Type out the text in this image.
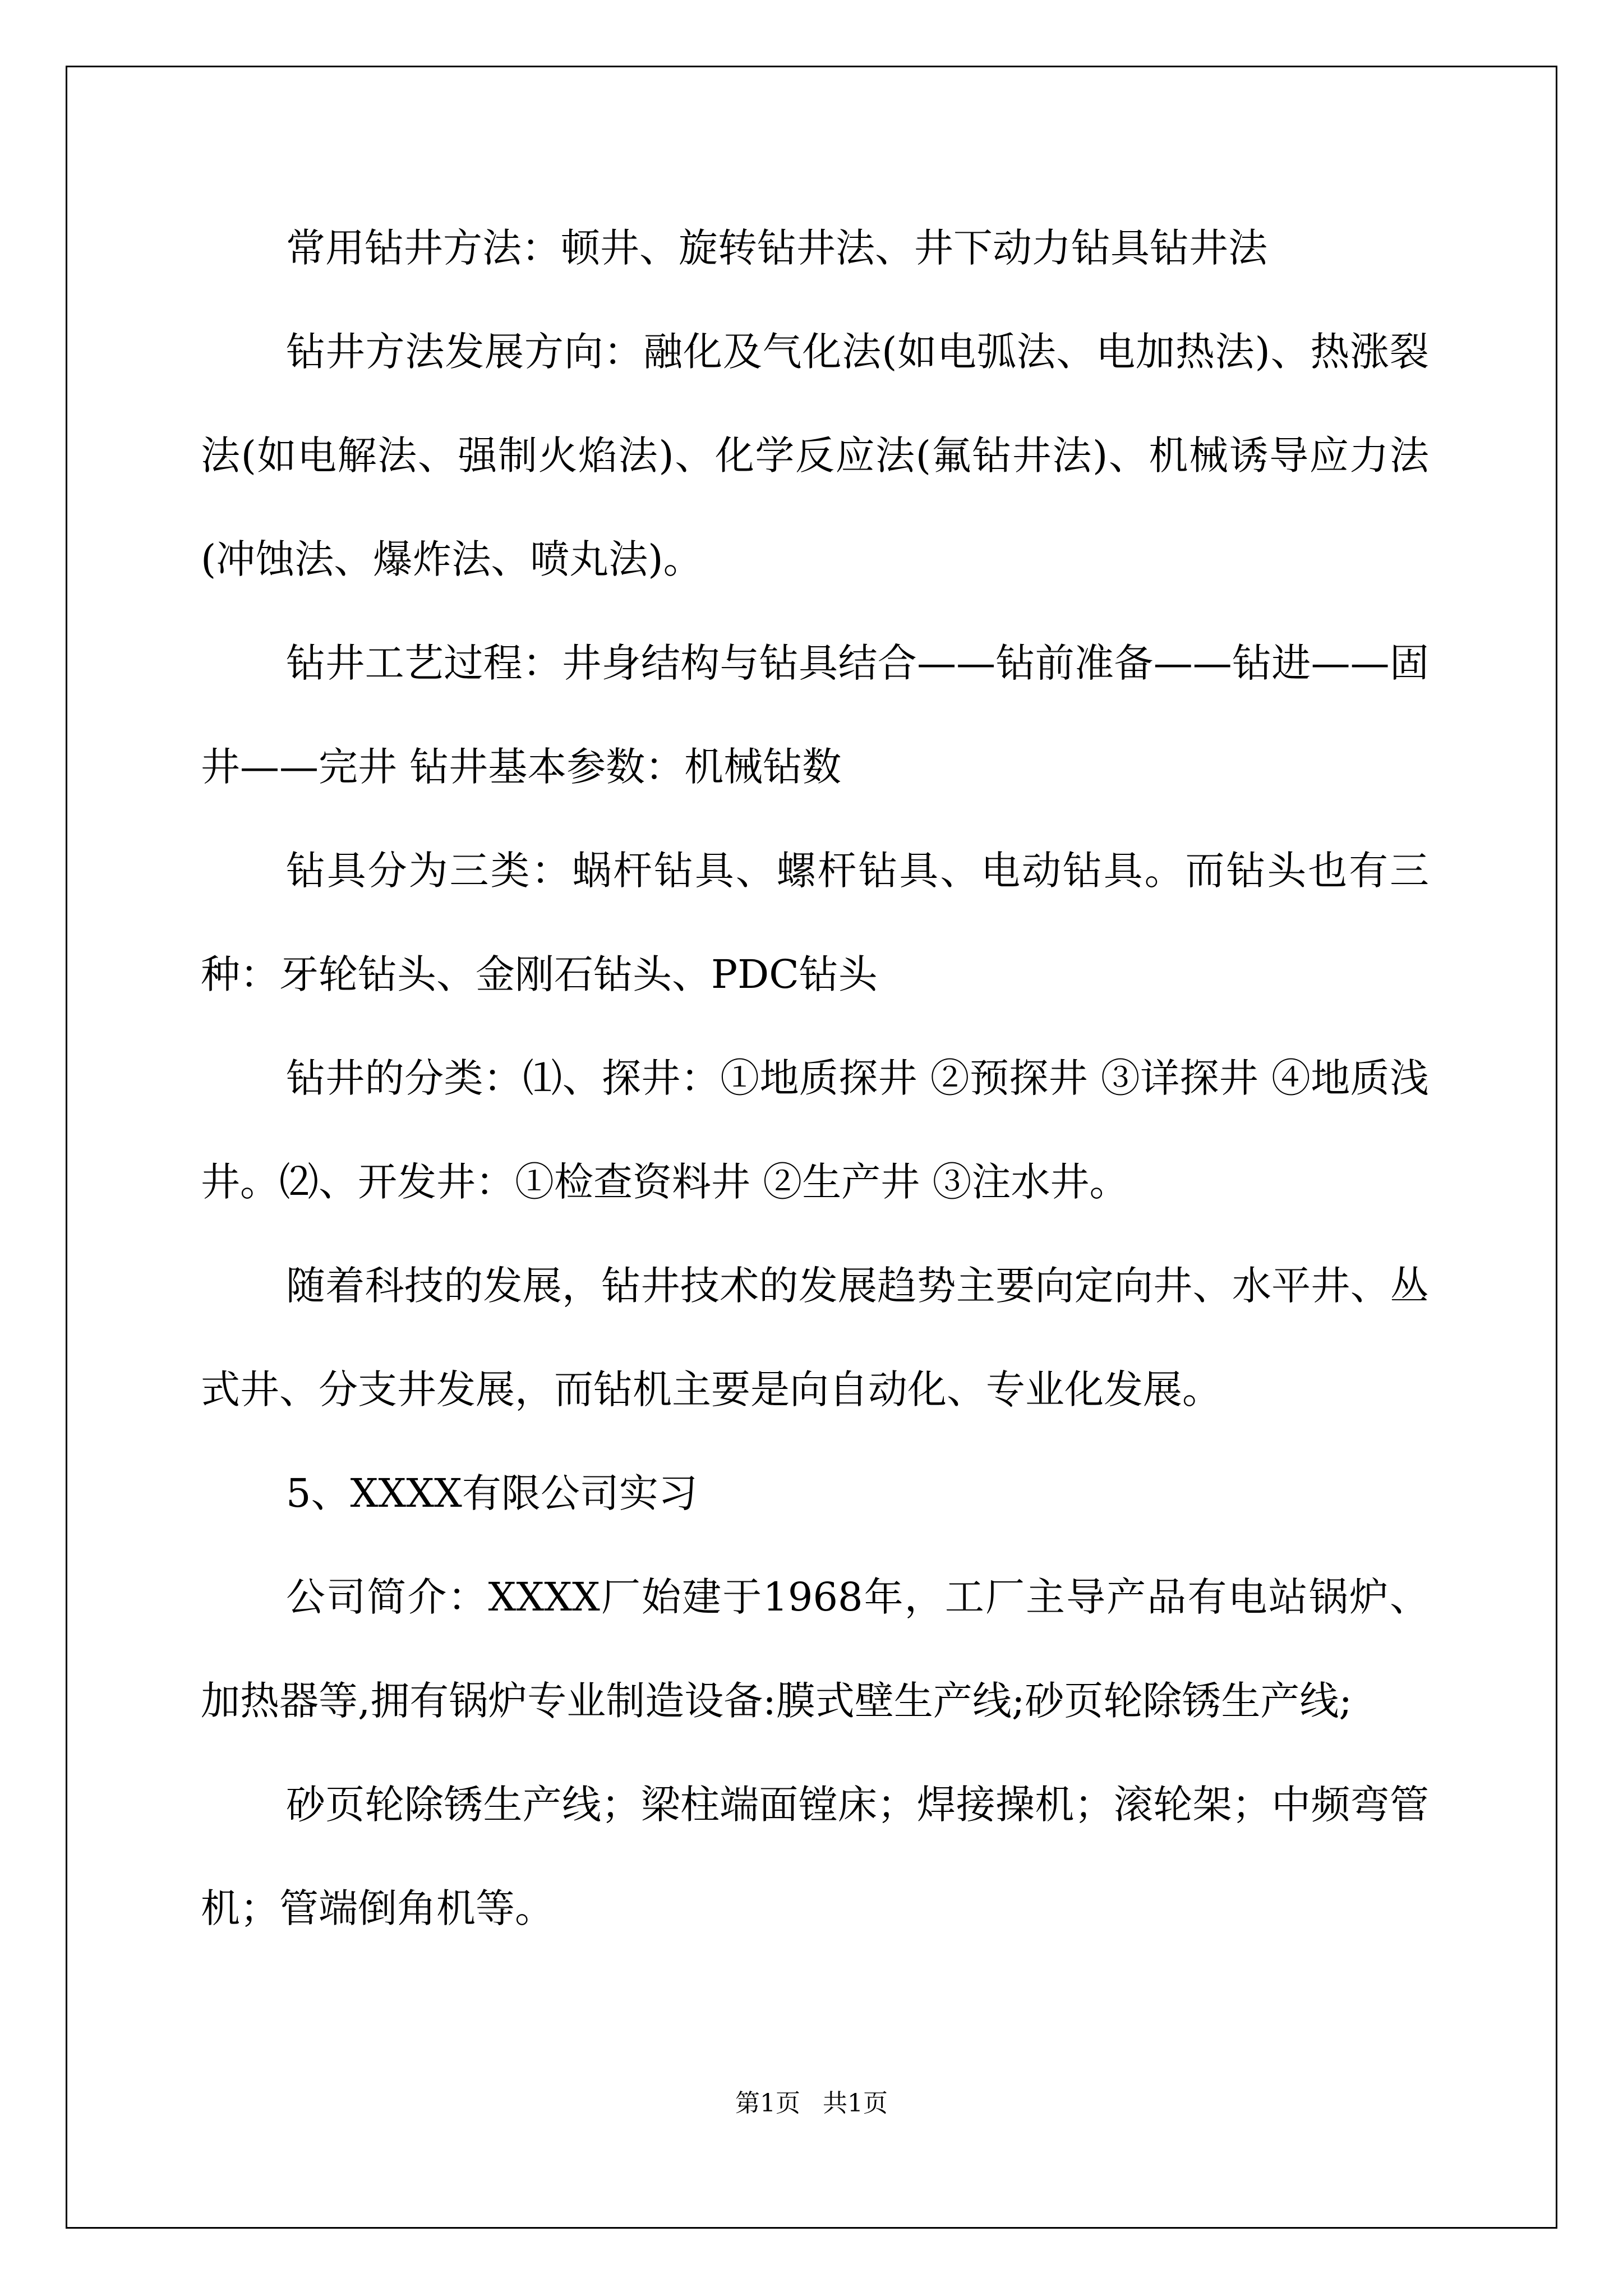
常用钻井方法：顿井、旋转钻井法、井下动力钻具钻井法

钻井方法发展方向：融化及气化法(如电弧法、电加热法)、热涨裂法(如电解法、强制火焰法)、化学反应法(氟钻井法)、机械诱导应力法(冲蚀法、爆炸法、喷丸法)。

钻井工艺过程：井身结构与钻具结合——钻前准备——钻进——固井——完井 钻井基本参数：机械钻数

钻具分为三类：蜗杆钻具、螺杆钻具、电动钻具。而钻头也有三种：牙轮钻头、金刚石钻头、PDC钻头

钻井的分类：⑴、探井：①地质探井 ②预探井 ③详探井 ④地质浅井。⑵、开发井：①检查资料井 ②生产井 ③注水井。

随着科技的发展，钻井技术的发展趋势主要向定向井、水平井、丛式井、分支井发展，而钻机主要是向自动化、专业化发展。

5、XXXX有限公司实习

公司简介：XXXX厂始建于1968年，工厂主导产品有电站锅炉、加热器等,拥有锅炉专业制造设备:膜式壁生产线;砂页轮除锈生产线;

砂页轮除锈生产线；梁柱端面镗床；焊接操机；滚轮架；中频弯管机；管端倒角机等。

第1页 共1页
